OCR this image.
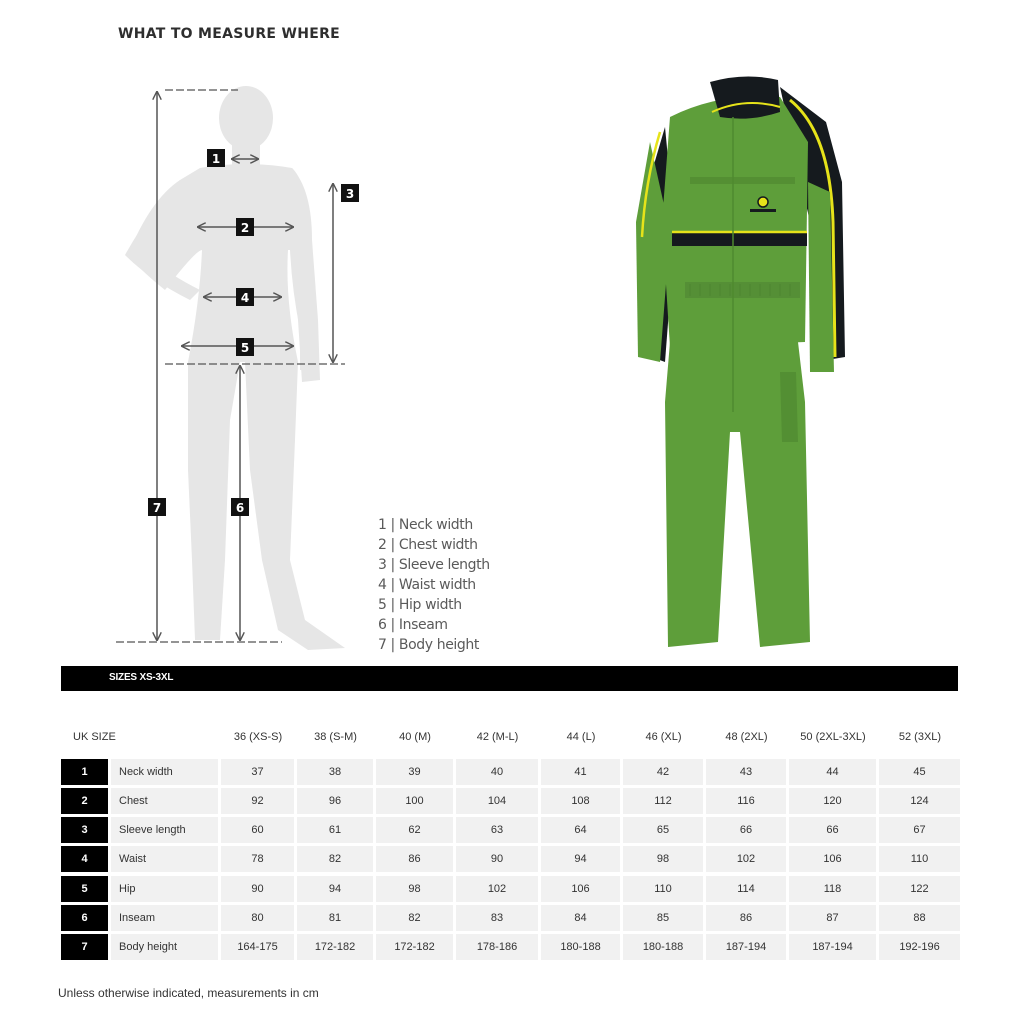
WHAT TO MEASURE WHERE
1
2
3
4
5
6
7
1 | Neck width
2 | Chest width
3 | Sleeve length
4 | Waist width
5 | Hip width
6 | Inseam
7 | Body height
SIZES XS-3XL
UK SIZE	36 (XS-S)	38 (S-M)	40 (M)	42 (M-L)	44 (L)	46 (XL)	48 (2XL)	50 (2XL-3XL)	52 (3XL)
1	Neck width	37	38	39	40	41	42	43	44	45
2	Chest	92	96	100	104	108	112	116	120	124
3	Sleeve length	60	61	62	63	64	65	66	66	67
4	Waist	78	82	86	90	94	98	102	106	110
5	Hip	90	94	98	102	106	110	114	118	122
6	Inseam	80	81	82	83	84	85	86	87	88
7	Body height	164-175	172-182	172-182	178-186	180-188	180-188	187-194	187-194	192-196
Unless otherwise indicated, measurements in cm
